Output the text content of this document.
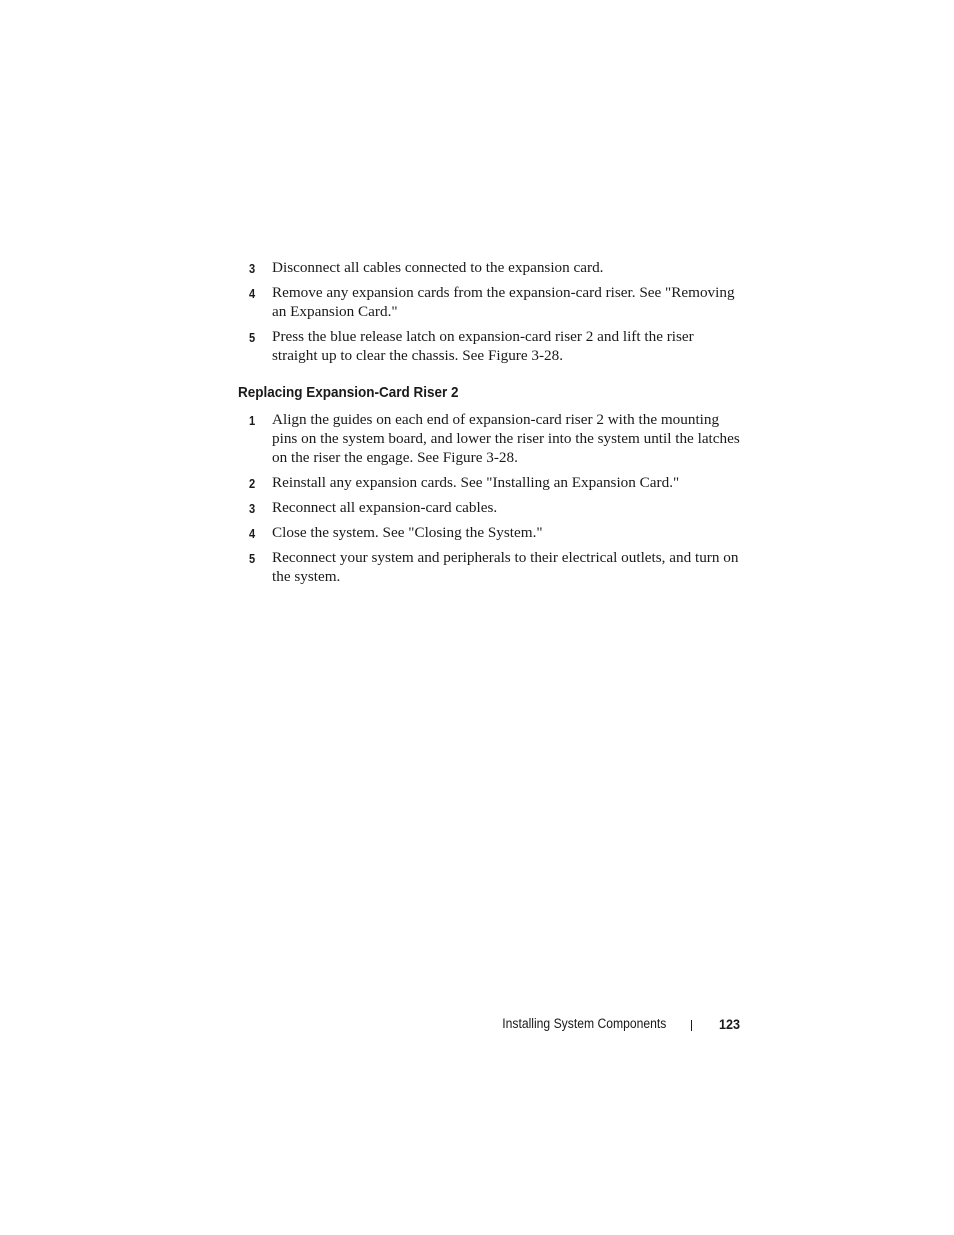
3 Disconnect all cables connected to the expansion card.
4 Remove any expansion cards from the expansion-card riser. See "Removing an Expansion Card."
5 Press the blue release latch on expansion-card riser 2 and lift the riser straight up to clear the chassis. See Figure 3-28.
Replacing Expansion-Card Riser 2
1 Align the guides on each end of expansion-card riser 2 with the mounting pins on the system board, and lower the riser into the system until the latches on the riser the engage. See Figure 3-28.
2 Reinstall any expansion cards. See "Installing an Expansion Card."
3 Reconnect all expansion-card cables.
4 Close the system. See "Closing the System."
5 Reconnect your system and peripherals to their electrical outlets, and turn on the system.
Installing System Components	123
